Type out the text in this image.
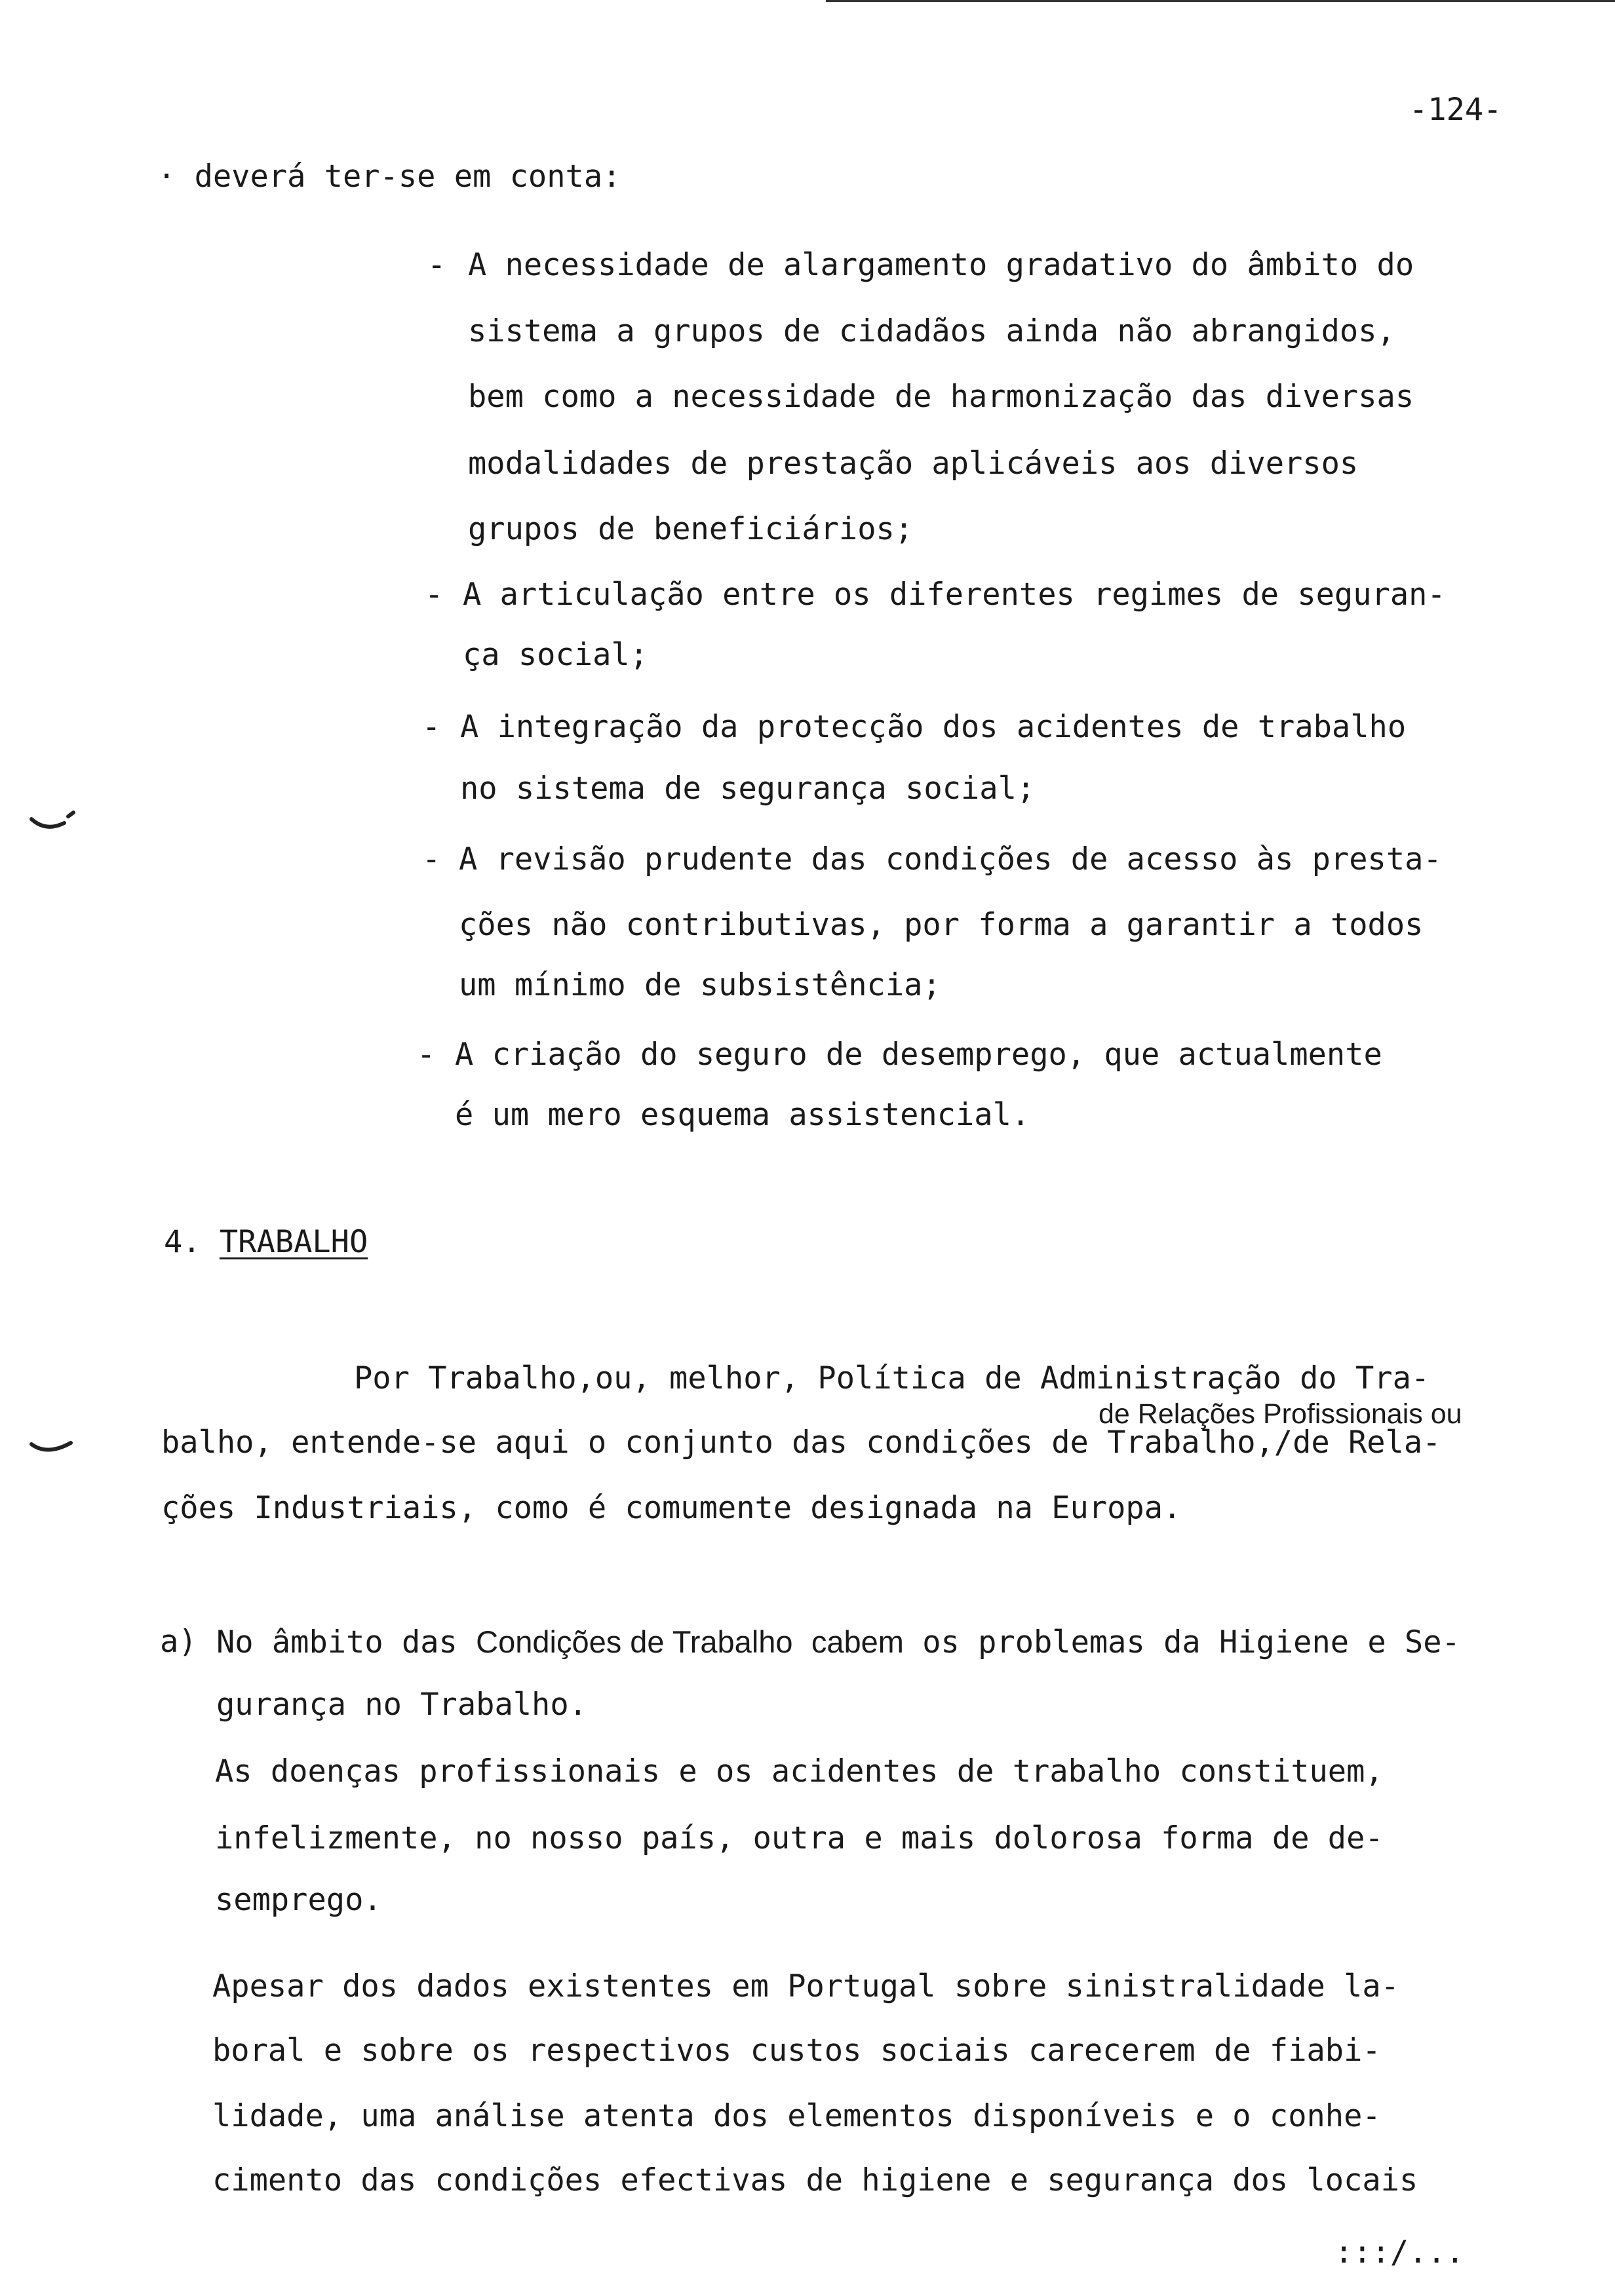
-124-
· deverá ter-se em conta:
- A necessidade de alargamento gradativo do âmbito do
sistema a grupos de cidadãos ainda não abrangidos,
bem como a necessidade de harmonização das diversas
modalidades de prestação aplicáveis aos diversos
grupos de beneficiários;
- A articulação entre os diferentes regimes de seguran-
ça social;
- A integração da protecção dos acidentes de trabalho
no sistema de segurança social;
- A revisão prudente das condições de acesso às presta-
ções não contributivas, por forma a garantir a todos
um mínimo de subsistência;
- A criação do seguro de desemprego, que actualmente
é um mero esquema assistencial.
4. TRABALHO
Por Trabalho,ou, melhor, Política de Administração do Tra-
de Relações Profissionais ou
balho, entende-se aqui o conjunto das condições de Trabalho,/de Rela-
ções Industriais, como é comumente designada na Europa.
a) No âmbito das Condições de Trabalho cabem os problemas da Higiene e Se-
gurança no Trabalho.
As doenças profissionais e os acidentes de trabalho constituem,
infelizmente, no nosso país, outra e mais dolorosa forma de de-
semprego.
Apesar dos dados existentes em Portugal sobre sinistralidade la-
boral e sobre os respectivos custos sociais carecerem de fiabi-
lidade, uma análise atenta dos elementos disponíveis e o conhe-
cimento das condições efectivas de higiene e segurança dos locais
:::/...
